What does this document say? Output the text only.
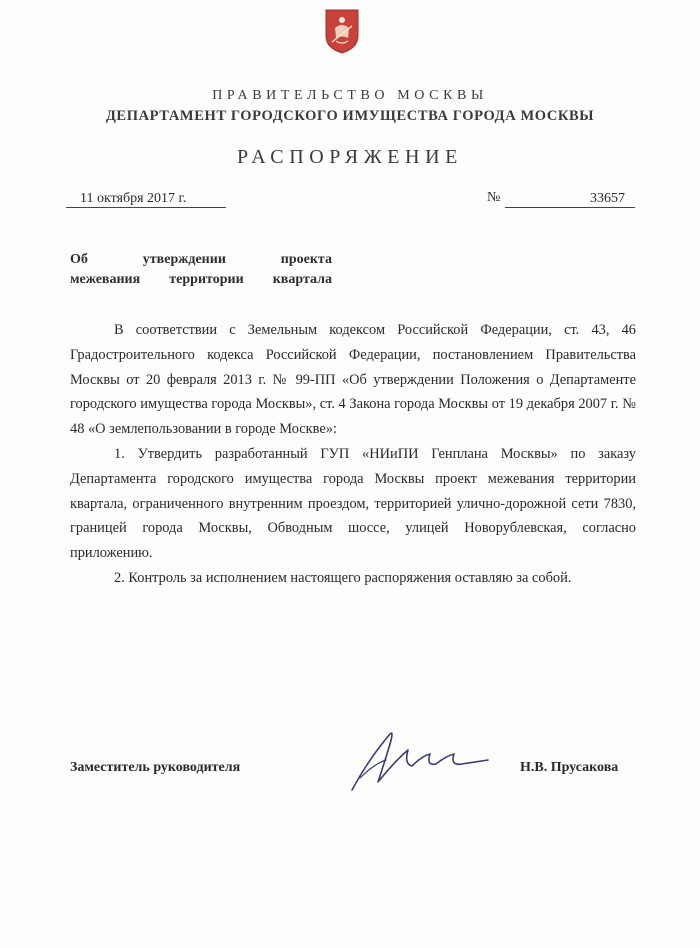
ПРАВИТЕЛЬСТВО МОСКВЫ
ДЕПАРТАМЕНТ ГОРОДСКОГО ИМУЩЕСТВА ГОРОДА МОСКВЫ
РАСПОРЯЖЕНИЕ
11 октября 2017 г.	№	33657
Об	утверждении	проекта
межевания территории квартала

В соответствии с Земельным кодексом Российской Федерации, ст. 43, 46 Градостроительного кодекса Российской Федерации, постановлением Правительства Москвы от 20 февраля 2013 г. № 99-ПП «Об утверждении Положения о Департаменте городского имущества города Москвы», ст. 4 Закона города Москвы от 19 декабря 2007 г. № 48 «О землепользовании в городе Москве»:

1. Утвердить разработанный ГУП «НИиПИ Генплана Москвы» по заказу Департамента городского имущества города Москвы проект межевания территории квартала, ограниченного внутренним проездом, территорией улично-дорожной сети 7830, границей города Москвы, Обводным шоссе, улицей Новорублевская, согласно приложению.

2. Контроль за исполнением настоящего распоряжения оставляю за собой.

Заместитель руководителя	Н.В. Прусакова
